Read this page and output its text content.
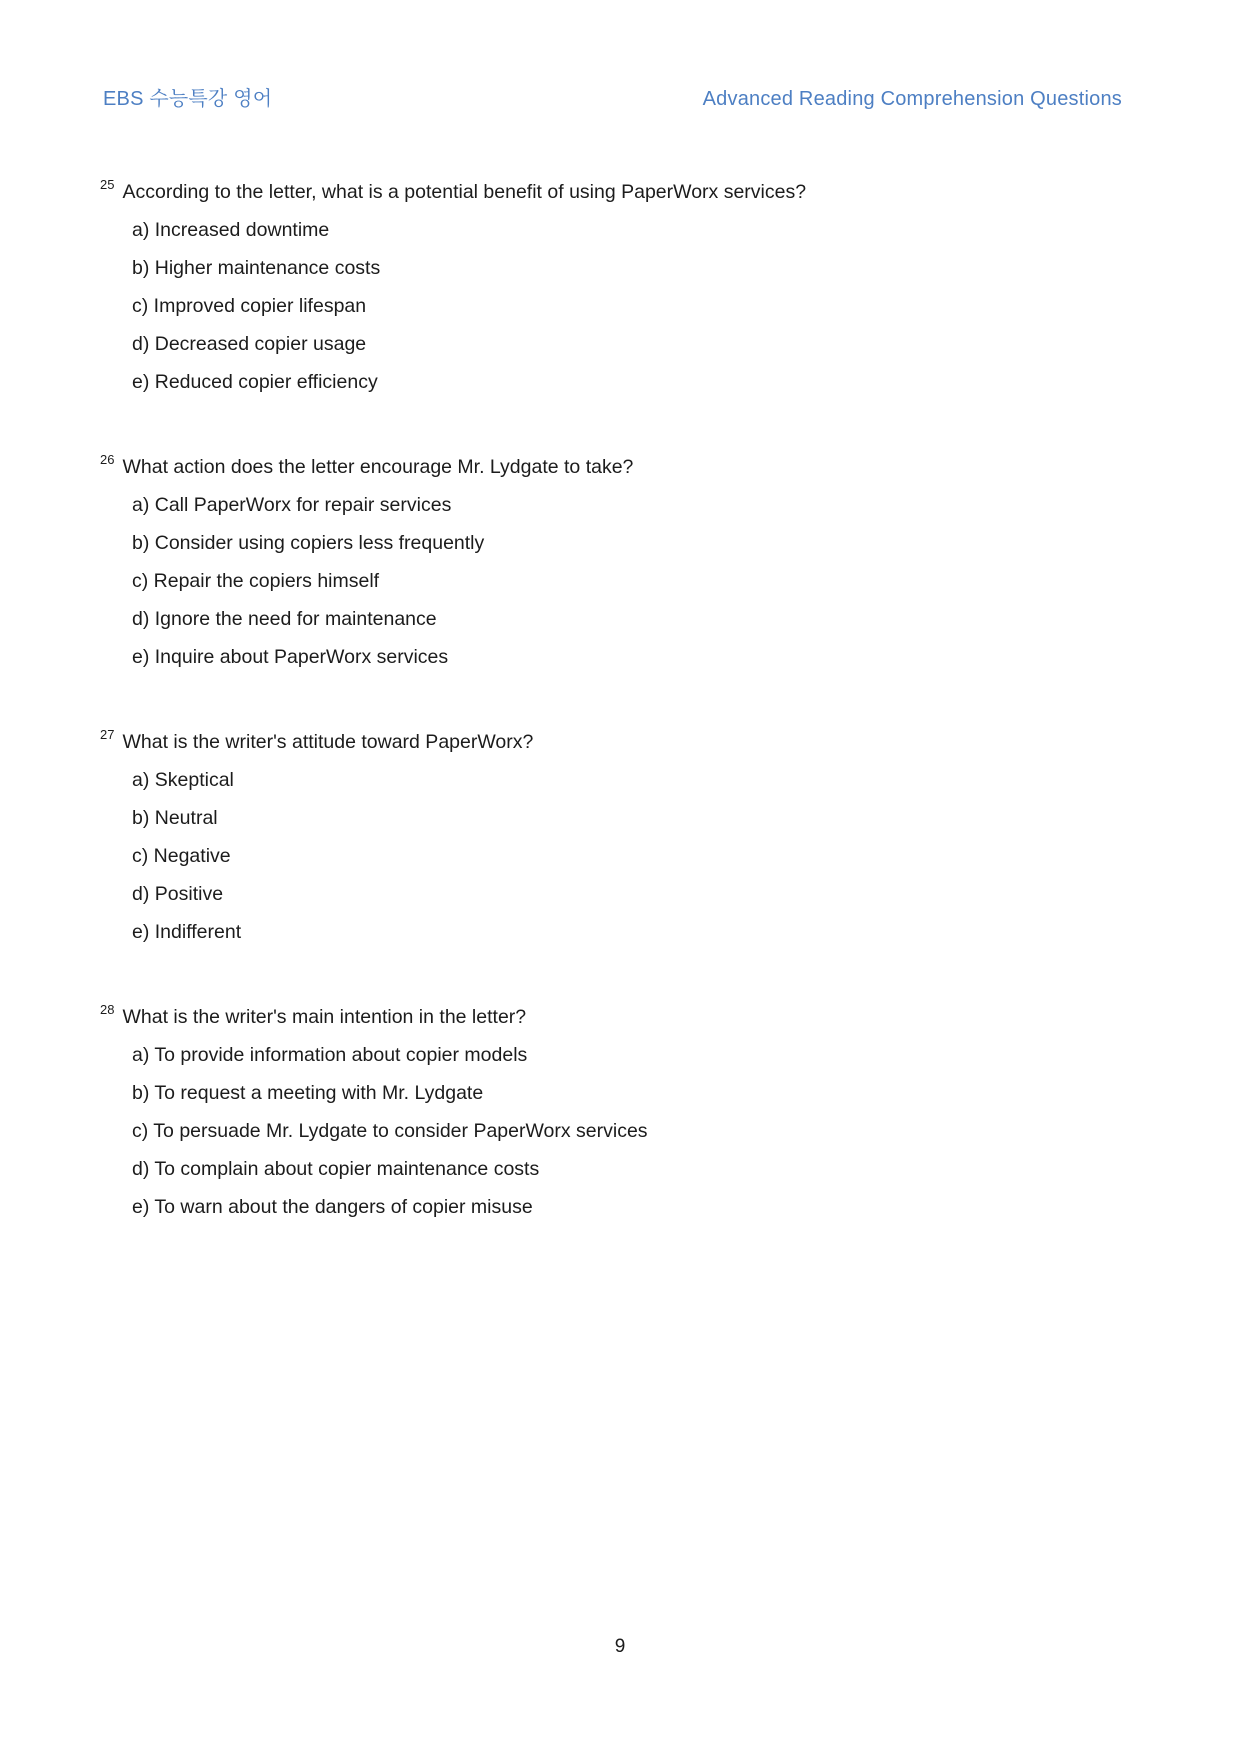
EBS 수능특강 영어	Advanced Reading Comprehension Questions
$^{25}$ According to the letter, what is a potential benefit of using PaperWorx services?
a) Increased downtime
b) Higher maintenance costs
c) Improved copier lifespan
d) Decreased copier usage
e) Reduced copier efficiency
$^{26}$ What action does the letter encourage Mr. Lydgate to take?
a) Call PaperWorx for repair services
b) Consider using copiers less frequently
c) Repair the copiers himself
d) Ignore the need for maintenance
e) Inquire about PaperWorx services
$^{27}$ What is the writer's attitude toward PaperWorx?
a) Skeptical
b) Neutral
c) Negative
d) Positive
e) Indifferent
$^{28}$ What is the writer's main intention in the letter?
a) To provide information about copier models
b) To request a meeting with Mr. Lydgate
c) To persuade Mr. Lydgate to consider PaperWorx services
d) To complain about copier maintenance costs
e) To warn about the dangers of copier misuse
9
